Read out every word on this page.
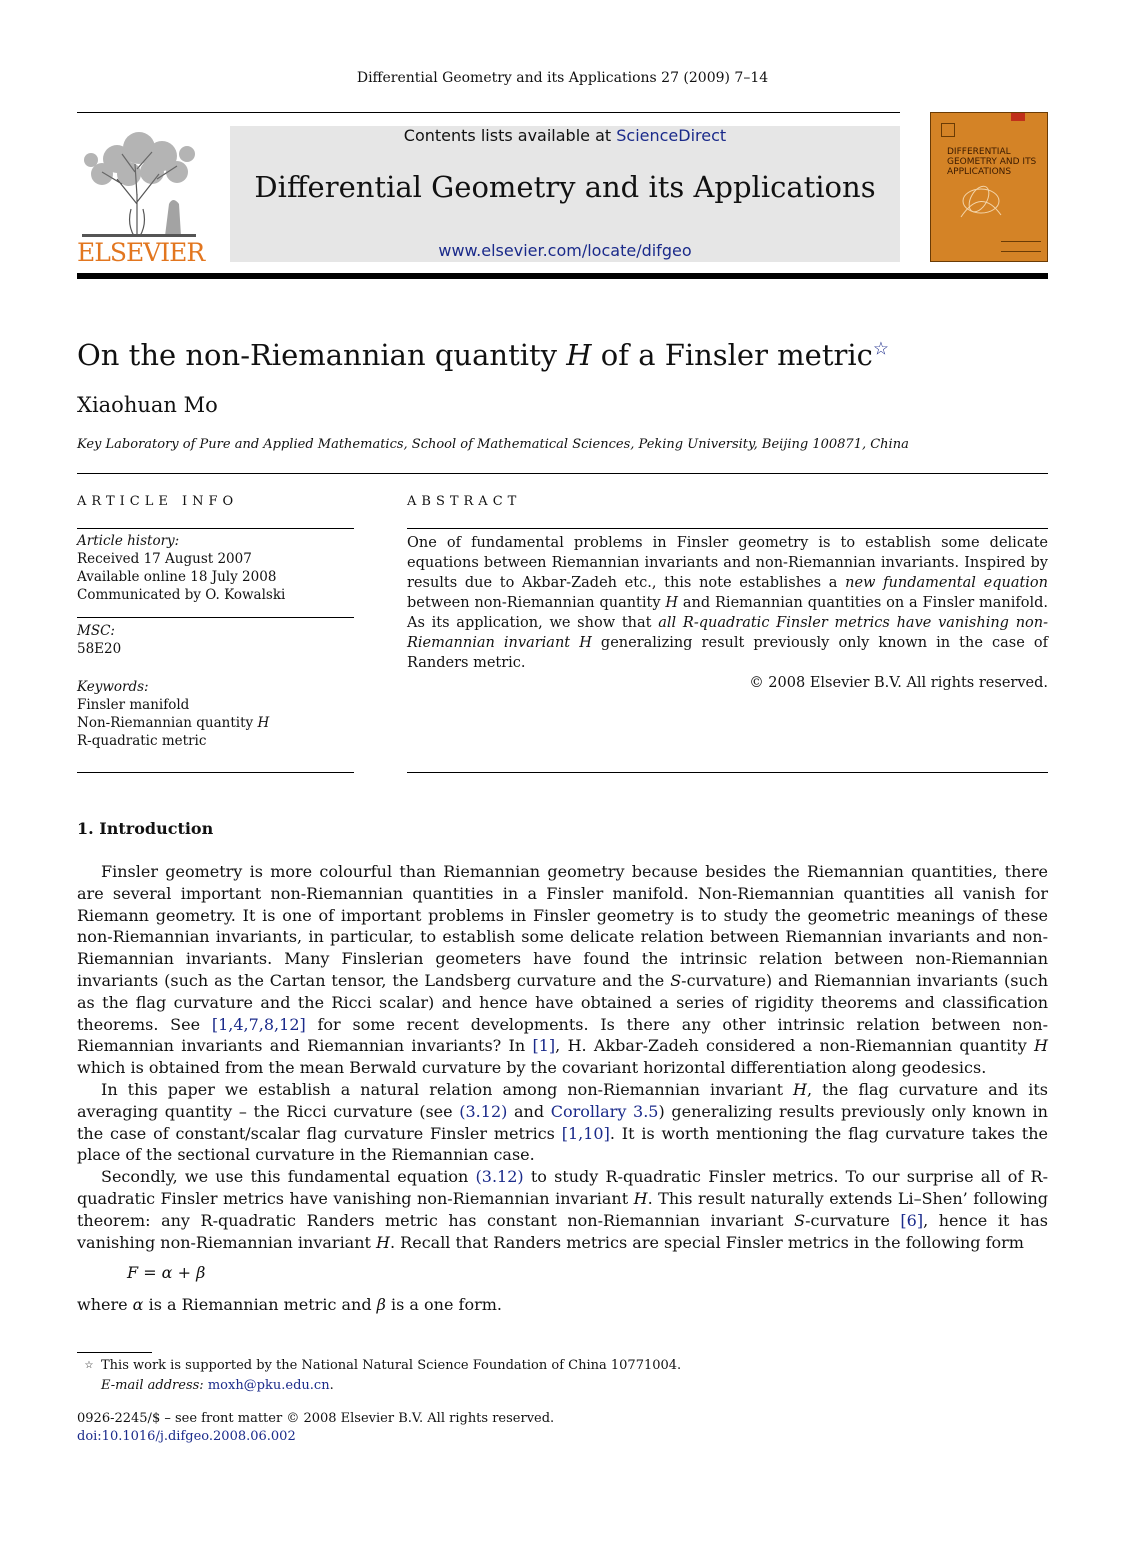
Differential Geometry and its Applications 27 (2009) 7–14
ELSEVIER
Contents lists available at ScienceDirect
Differential Geometry and its Applications
www.elsevier.com/locate/difgeo
DIFFERENTIAL GEOMETRY AND ITS APPLICATIONS
On the non-Riemannian quantity H of a Finsler metric☆
Xiaohuan Mo
Key Laboratory of Pure and Applied Mathematics, School of Mathematical Sciences, Peking University, Beijing 100871, China
ARTICLE INFO
Article history:
Received 17 August 2007
Available online 18 July 2008
Communicated by O. Kowalski
MSC:
58E20
Keywords:
Finsler manifold
Non-Riemannian quantity H
R-quadratic metric
ABSTRACT
One of fundamental problems in Finsler geometry is to establish some delicate equations between Riemannian invariants and non-Riemannian invariants. Inspired by results due to Akbar-Zadeh etc., this note establishes a new fundamental equation between non-Riemannian quantity H and Riemannian quantities on a Finsler manifold. As its application, we show that all R-quadratic Finsler metrics have vanishing non-Riemannian invariant H generalizing result previously only known in the case of Randers metric.
© 2008 Elsevier B.V. All rights reserved.
1. Introduction

Finsler geometry is more colourful than Riemannian geometry because besides the Riemannian quantities, there are several important non-Riemannian quantities in a Finsler manifold. Non-Riemannian quantities all vanish for Riemann geometry. It is one of important problems in Finsler geometry is to study the geometric meanings of these non-Riemannian invariants, in particular, to establish some delicate relation between Riemannian invariants and non-Riemannian invariants. Many Finslerian geometers have found the intrinsic relation between non-Riemannian invariants (such as the Cartan tensor, the Landsberg curvature and the S-curvature) and Riemannian invariants (such as the flag curvature and the Ricci scalar) and hence have obtained a series of rigidity theorems and classification theorems. See [1,4,7,8,12] for some recent developments. Is there any other intrinsic relation between non-Riemannian invariants and Riemannian invariants? In [1], H. Akbar-Zadeh considered a non-Riemannian quantity H which is obtained from the mean Berwald curvature by the covariant horizontal differentiation along geodesics.

In this paper we establish a natural relation among non-Riemannian invariant H, the flag curvature and its averaging quantity – the Ricci curvature (see (3.12) and Corollary 3.5) generalizing results previously only known in the case of constant/scalar flag curvature Finsler metrics [1,10]. It is worth mentioning the flag curvature takes the place of the sectional curvature in the Riemannian case.

Secondly, we use this fundamental equation (3.12) to study R-quadratic Finsler metrics. To our surprise all of R-quadratic Finsler metrics have vanishing non-Riemannian invariant H. This result naturally extends Li–Shen’ following theorem: any R-quadratic Randers metric has constant non-Riemannian invariant S-curvature [6], hence it has vanishing non-Riemannian invariant H. Recall that Randers metrics are special Finsler metrics in the following form

F = α + β
where α is a Riemannian metric and β is a one form.
☆ This work is supported by the National Natural Science Foundation of China 10771004.
E-mail address: moxh@pku.edu.cn.
0926-2245/$ – see front matter © 2008 Elsevier B.V. All rights reserved.
doi:10.1016/j.difgeo.2008.06.002
